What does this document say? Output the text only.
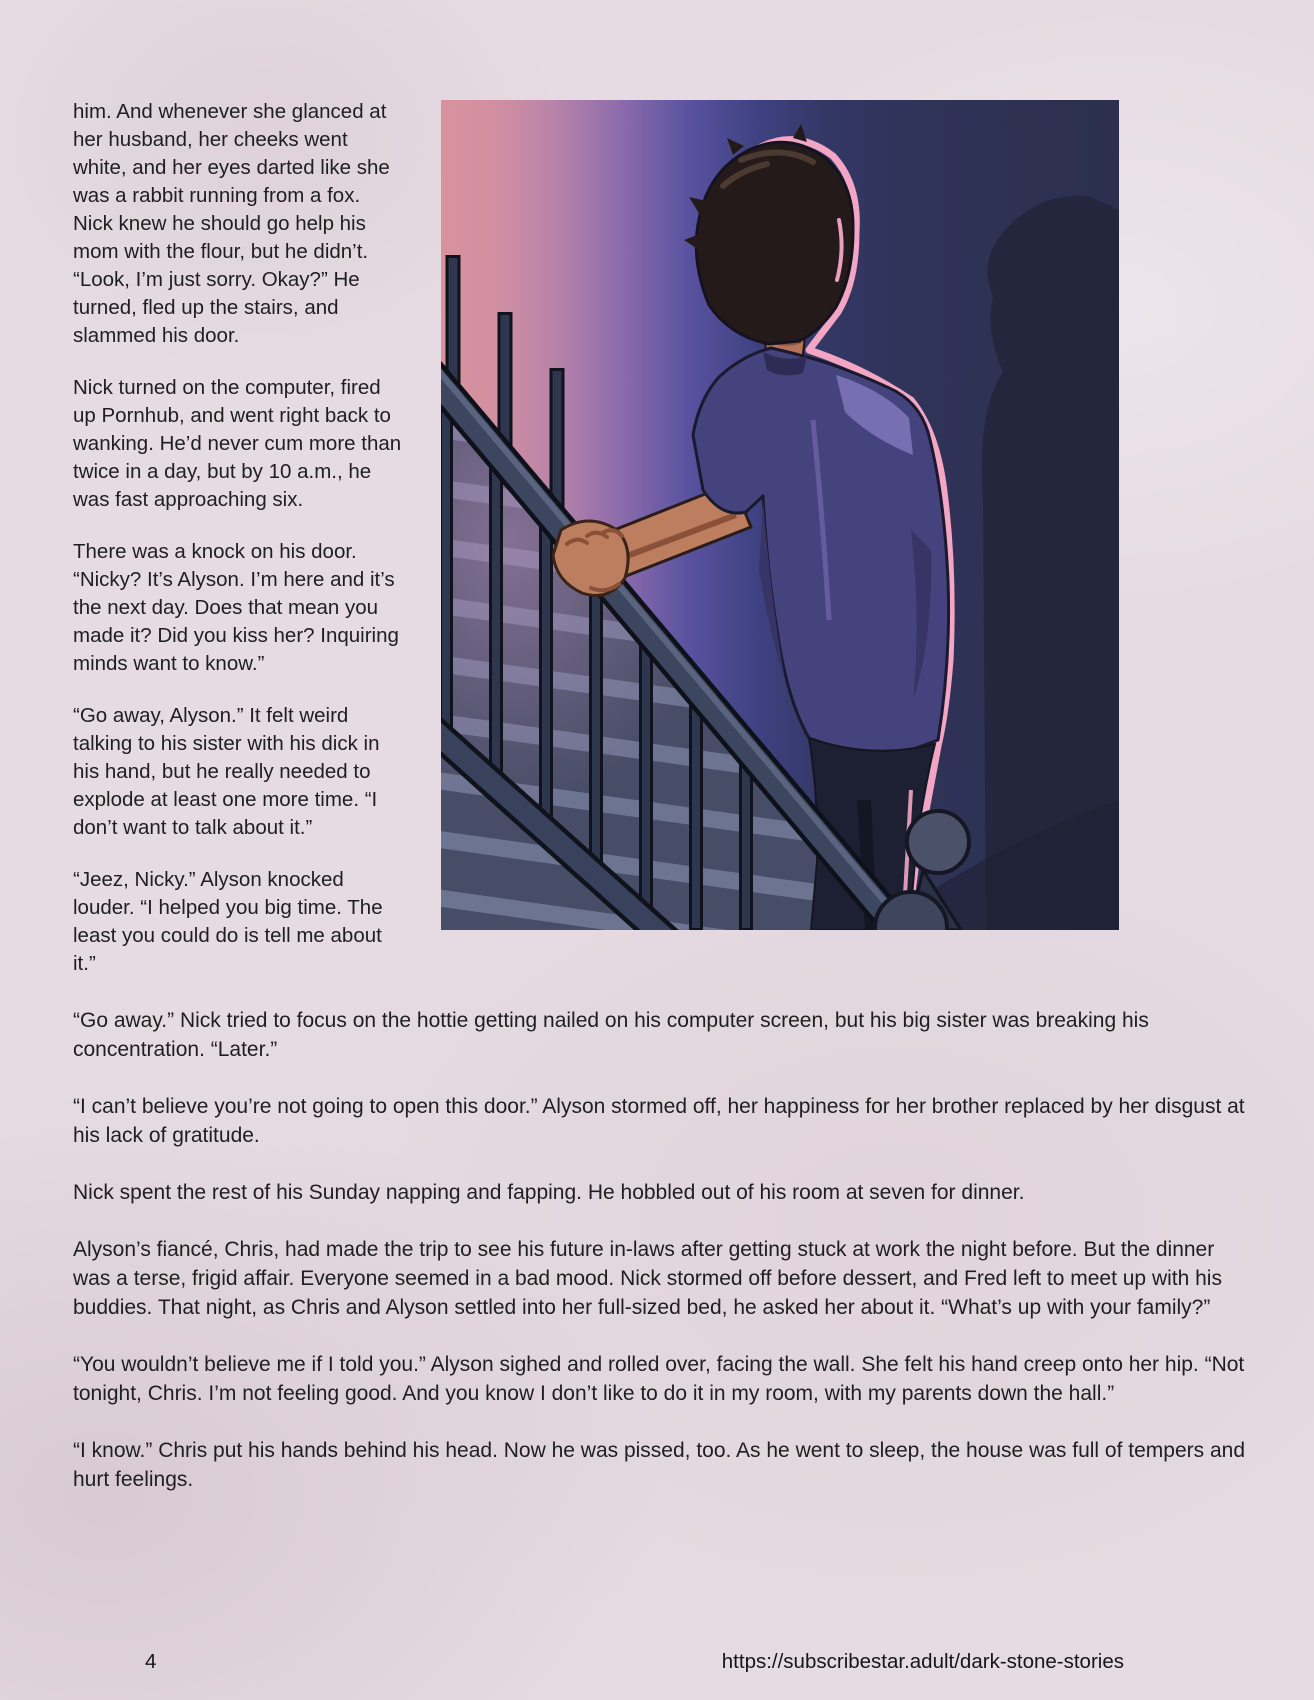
him. And whenever she glanced at her husband, her cheeks went white, and her eyes darted like she was a rabbit running from a fox. Nick knew he should go help his mom with the flour, but he didn’t. “Look, I’m just sorry. Okay?” He turned, fled up the stairs, and slammed his door.

Nick turned on the computer, fired up Pornhub, and went right back to wanking. He’d never cum more than twice in a day, but by 10 a.m., he was fast approaching six.

There was a knock on his door. “Nicky? It’s Alyson. I’m here and it’s the next day. Does that mean you made it? Did you kiss her? Inquiring minds want to know.”

“Go away, Alyson.” It felt weird talking to his sister with his dick in his hand, but he really needed to explode at least one more time. “I don’t want to talk about it.”

“Jeez, Nicky.” Alyson knocked louder. “I helped you big time. The least you could do is tell me about it.”

“Go away.” Nick tried to focus on the hottie getting nailed on his computer screen, but his big sister was breaking his concentration. “Later.”

“I can’t believe you’re not going to open this door.” Alyson stormed off, her happiness for her brother replaced by her disgust at his lack of gratitude.

Nick spent the rest of his Sunday napping and fapping. He hobbled out of his room at seven for dinner.

Alyson’s fiancé, Chris, had made the trip to see his future in-laws after getting stuck at work the night before. But the dinner was a terse, frigid affair. Everyone seemed in a bad mood. Nick stormed off before dessert, and Fred left to meet up with his buddies. That night, as Chris and Alyson settled into her full-sized bed, he asked her about it. “What’s up with your family?”

“You wouldn’t believe me if I told you.” Alyson sighed and rolled over, facing the wall. She felt his hand creep onto her hip. “Not tonight, Chris. I’m not feeling good. And you know I don’t like to do it in my room, with my parents down the hall.”

“I know.” Chris put his hands behind his head. Now he was pissed, too. As he went to sleep, the house was full of tempers and hurt feelings.

4	https://subscribestar.adult/dark-stone-stories
